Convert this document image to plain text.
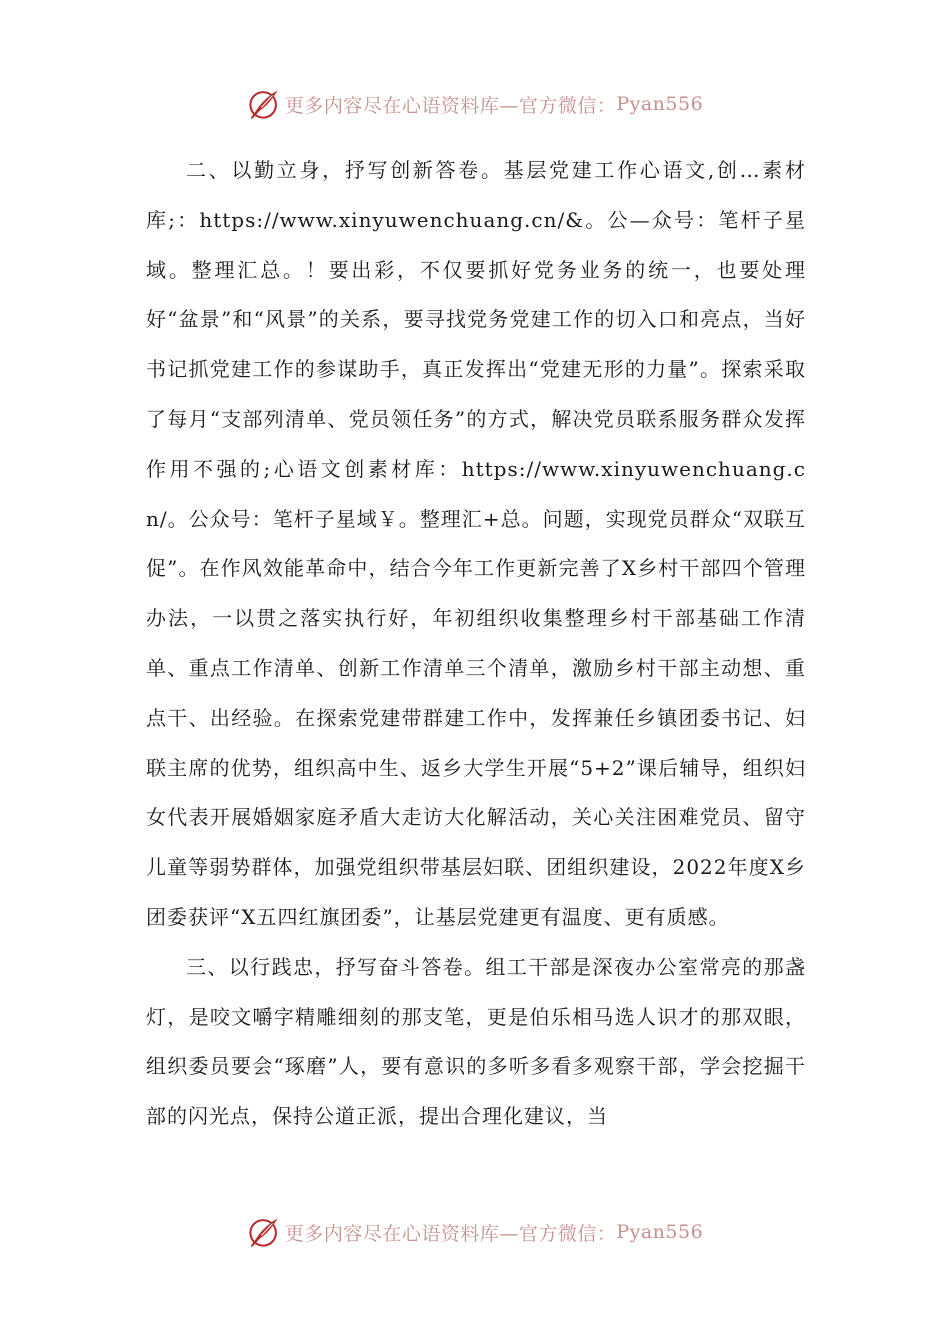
更多内容尽在心语资料库—官方微信： Pyan556

二、以勤立身，抒写创新答卷。基层党建工作心语文,创…素材库;：https://www.xinyuwenchuang.cn/&。公—众号：笔杆子星域。整理汇总。！要出彩，不仅要抓好党务业务的统一，也要处理好“盆景”和“风景”的关系，要寻找党务党建工作的切入口和亮点，当好书记抓党建工作的参谋助手，真正发挥出“党建无形的力量”。探索采取了每月“支部列清单、党员领任务”的方式，解决党员联系服务群众发挥作用不强的;心语文创素材库：https://www.xinyuwenchuang.cn/。公众号：笔杆子星域￥。整理汇+总。问题，实现党员群众“双联互促”。在作风效能革命中，结合今年工作更新完善了X乡村干部四个管理办法，一以贯之落实执行好，年初组织收集整理乡村干部基础工作清单、重点工作清单、创新工作清单三个清单，激励乡村干部主动想、重点干、出经验。在探索党建带群建工作中，发挥兼任乡镇团委书记、妇联主席的优势，组织高中生、返乡大学生开展“5+2”课后辅导，组织妇女代表开展婚姻家庭矛盾大走访大化解活动，关心关注困难党员、留守儿童等弱势群体，加强党组织带基层妇联、团组织建设，2022年度X乡团委获评“X五四红旗团委”，让基层党建更有温度、更有质感。

三、以行践忠，抒写奋斗答卷。组工干部是深夜办公室常亮的那盏灯，是咬文嚼字精雕细刻的那支笔，更是伯乐相马选人识才的那双眼，组织委员要会“琢磨”人，要有意识的多听多看多观察干部，学会挖掘干部的闪光点，保持公道正派，提出合理化建议，当

更多内容尽在心语资料库—官方微信： Pyan556
